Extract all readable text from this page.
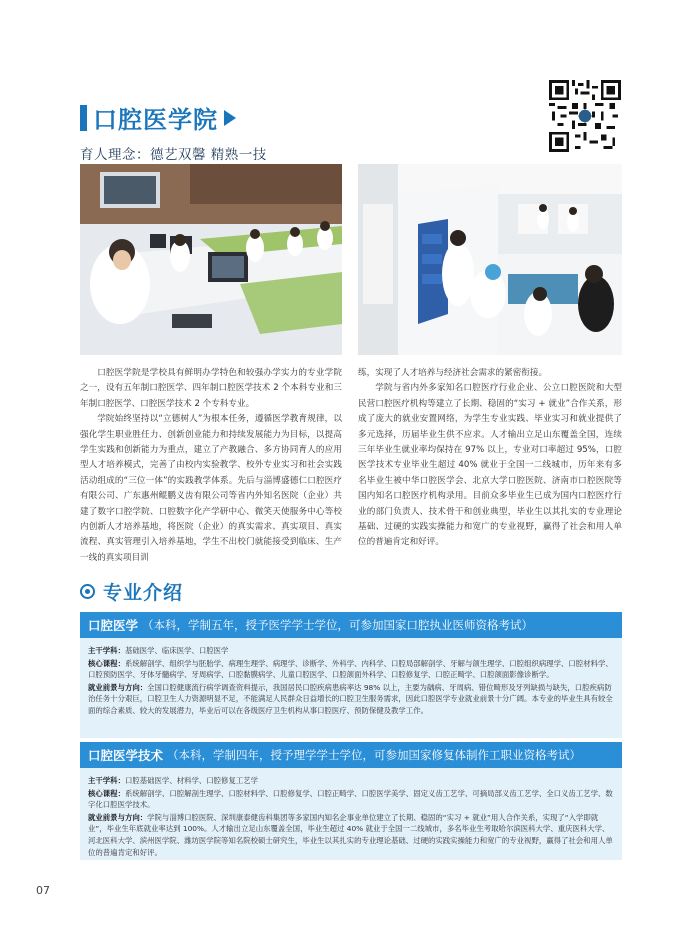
口腔医学院
育人理念：德艺双馨 精熟一技

口腔医学院是学校具有鲜明办学特色和较强办学实力的专业学院之一，设有五年制口腔医学、四年制口腔医学技术 2 个本科专业和三年制口腔医学、口腔医学技术 2 个专科专业。

学院始终坚持以“立德树人”为根本任务，遵循医学教育规律，以强化学生职业胜任力、创新创业能力和持续发展能力为目标，以提高学生实践和创新能力为重点，建立了产教融合、多方协同育人的应用型人才培养模式，完善了由校内实验教学、校外专业实习和社会实践活动组成的“三位一体”的实践教学体系。先后与淄博盛德仁口腔医疗有限公司、广东惠州鲲鹏义齿有限公司等省内外知名医院（企业）共建了数字口腔学院、口腔数字化产学研中心、微笑天使服务中心等校内创新人才培养基地，将医院（企业）的真实需求、真实项目、真实流程、真实管理引入培养基地，学生不出校门就能接受到临床、生产一线的真实项目训

练，实现了人才培养与经济社会需求的紧密衔接。

学院与省内外多家知名口腔医疗行业企业、公立口腔医院和大型民营口腔医疗机构等建立了长期、稳固的“实习 + 就业”合作关系，形成了庞大的就业安置网络，为学生专业实践、毕业实习和就业提供了多元选择，历届毕业生供不应求。人才输出立足山东覆盖全国，连续三年毕业生就业率均保持在 97% 以上，专业对口率超过 95%，口腔医学技术专业毕业生超过 40% 就业于全国一二线城市，历年来有多名毕业生被中华口腔医学会、北京大学口腔医院、济南市口腔医院等国内知名口腔医疗机构录用。目前众多毕业生已成为国内口腔医疗行业的部门负责人、技术骨干和创业典型，毕业生以其扎实的专业理论基础、过硬的实践实操能力和宽广的专业视野，赢得了社会和用人单位的普遍肯定和好评。

专业介绍
口腔医学 （本科，学制五年，授予医学学士学位，可参加国家口腔执业医师资格考试）
主干学科：基础医学、临床医学、口腔医学
核心课程：系统解剖学、组织学与胚胎学、病理生理学、病理学、诊断学、外科学、内科学、口腔局部解剖学、牙解与颌生理学、口腔组织病理学、口腔材料学、口腔预防医学、牙体牙髓病学、牙周病学、口腔黏膜病学、儿童口腔医学、口腔颌面外科学、口腔修复学、口腔正畸学、口腔颌面影像诊断学。
就业前景与方向：全国口腔健康流行病学调查资料提示，我国居民口腔疾病患病率达 98% 以上，主要为龋病、牙周病、错位畸形及牙列缺损与缺失，口腔疾病防治任务十分艰巨，口腔卫生人力资源明显不足，不能满足人民群众日益增长的口腔卫生服务需求，因此口腔医学专业就业前景十分广阔。本专业的毕业生具有较全面的综合素质、较大的发展潜力，毕业后可以在各级医疗卫生机构从事口腔医疗、预防保健及教学工作。
口腔医学技术 （本科，学制四年，授予理学学士学位，可参加国家修复体制作工职业资格考试）
主干学科：口腔基础医学、材料学、口腔修复工艺学
核心课程：系统解剖学、口腔解剖生理学、口腔材料学、口腔修复学、口腔正畸学、口腔医学美学、固定义齿工艺学、可摘局部义齿工艺学、全口义齿工艺学、数字化口腔医学技术。
就业前景与方向：学院与淄博口腔医院、深圳康泰健齿科集团等多家国内知名企事业单位建立了长期、稳固的“实习 + 就业”用人合作关系，实现了“入学即就业”，毕业生年底就业率达到 100%。人才输出立足山东覆盖全国，毕业生超过 40% 就业于全国一二线城市，多名毕业生考取哈尔滨医科大学、重庆医科大学、河北医科大学、滨州医学院、潍坊医学院等知名院校硕士研究生，毕业生以其扎实的专业理论基础、过硬的实践实操能力和宽广的专业视野，赢得了社会和用人单位的普遍肯定和好评。
07
